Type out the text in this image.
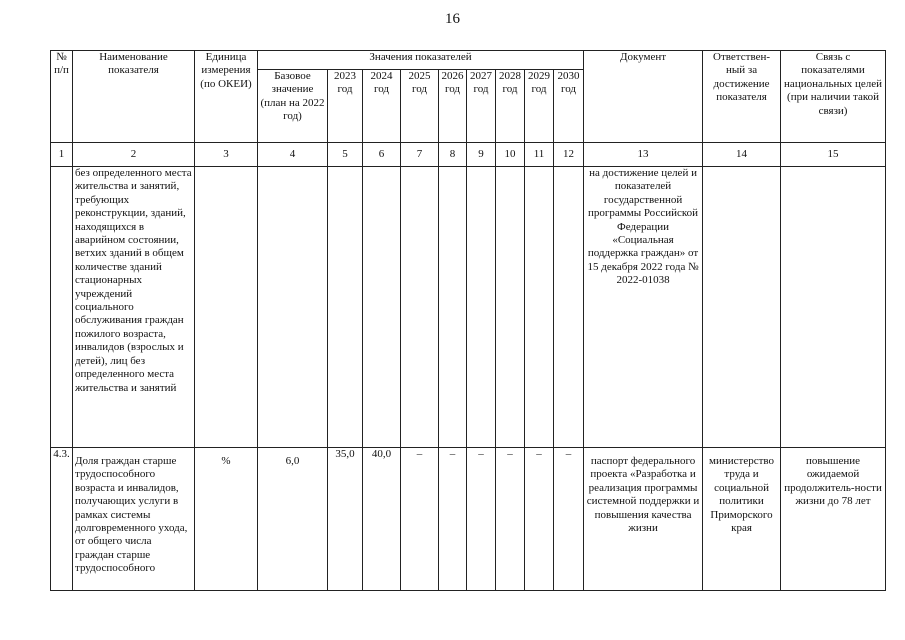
16
№ п/п	Наименование показателя	Единица измерения (по ОКЕИ)	Значения показателей									Документ	Ответствен-ный за достижение показателя	Связь с показателями национальных целей (при наличии такой связи)
			Базовое значение (план на 2022 год)	2023 год	2024 год	2025 год	2026 год	2027 год	2028 год	2029 год	2030 год			
1	2	3	4	5	6	7	8	9	10	11	12	13	14	15
	без определенного места жительства и занятий, требующих реконструкции, зданий, находящихся в аварийном состоянии, ветхих зданий в общем количестве зданий стационарных учреждений социального обслуживания граждан пожилого возраста, инвалидов (взрослых и детей), лиц без определенного места жительства и занятий											на достижение целей и показателей государственной программы Российской Федерации «Социальная поддержка граждан» от 15 декабря 2022 года № 2022-01038		
4.3.	Доля граждан старше трудоспособного возраста и инвалидов, получающих услуги в рамках системы долговременного ухода, от общего числа граждан старше трудоспособного	%	6,0	35,0	40,0	–	–	–	–	–	–	паспорт федерального проекта «Разработка и реализация программы системной поддержки и повышения качества жизни	министерство труда и социальной политики Приморского края	повышение ожидаемой продолжитель-ности жизни до 78 лет
